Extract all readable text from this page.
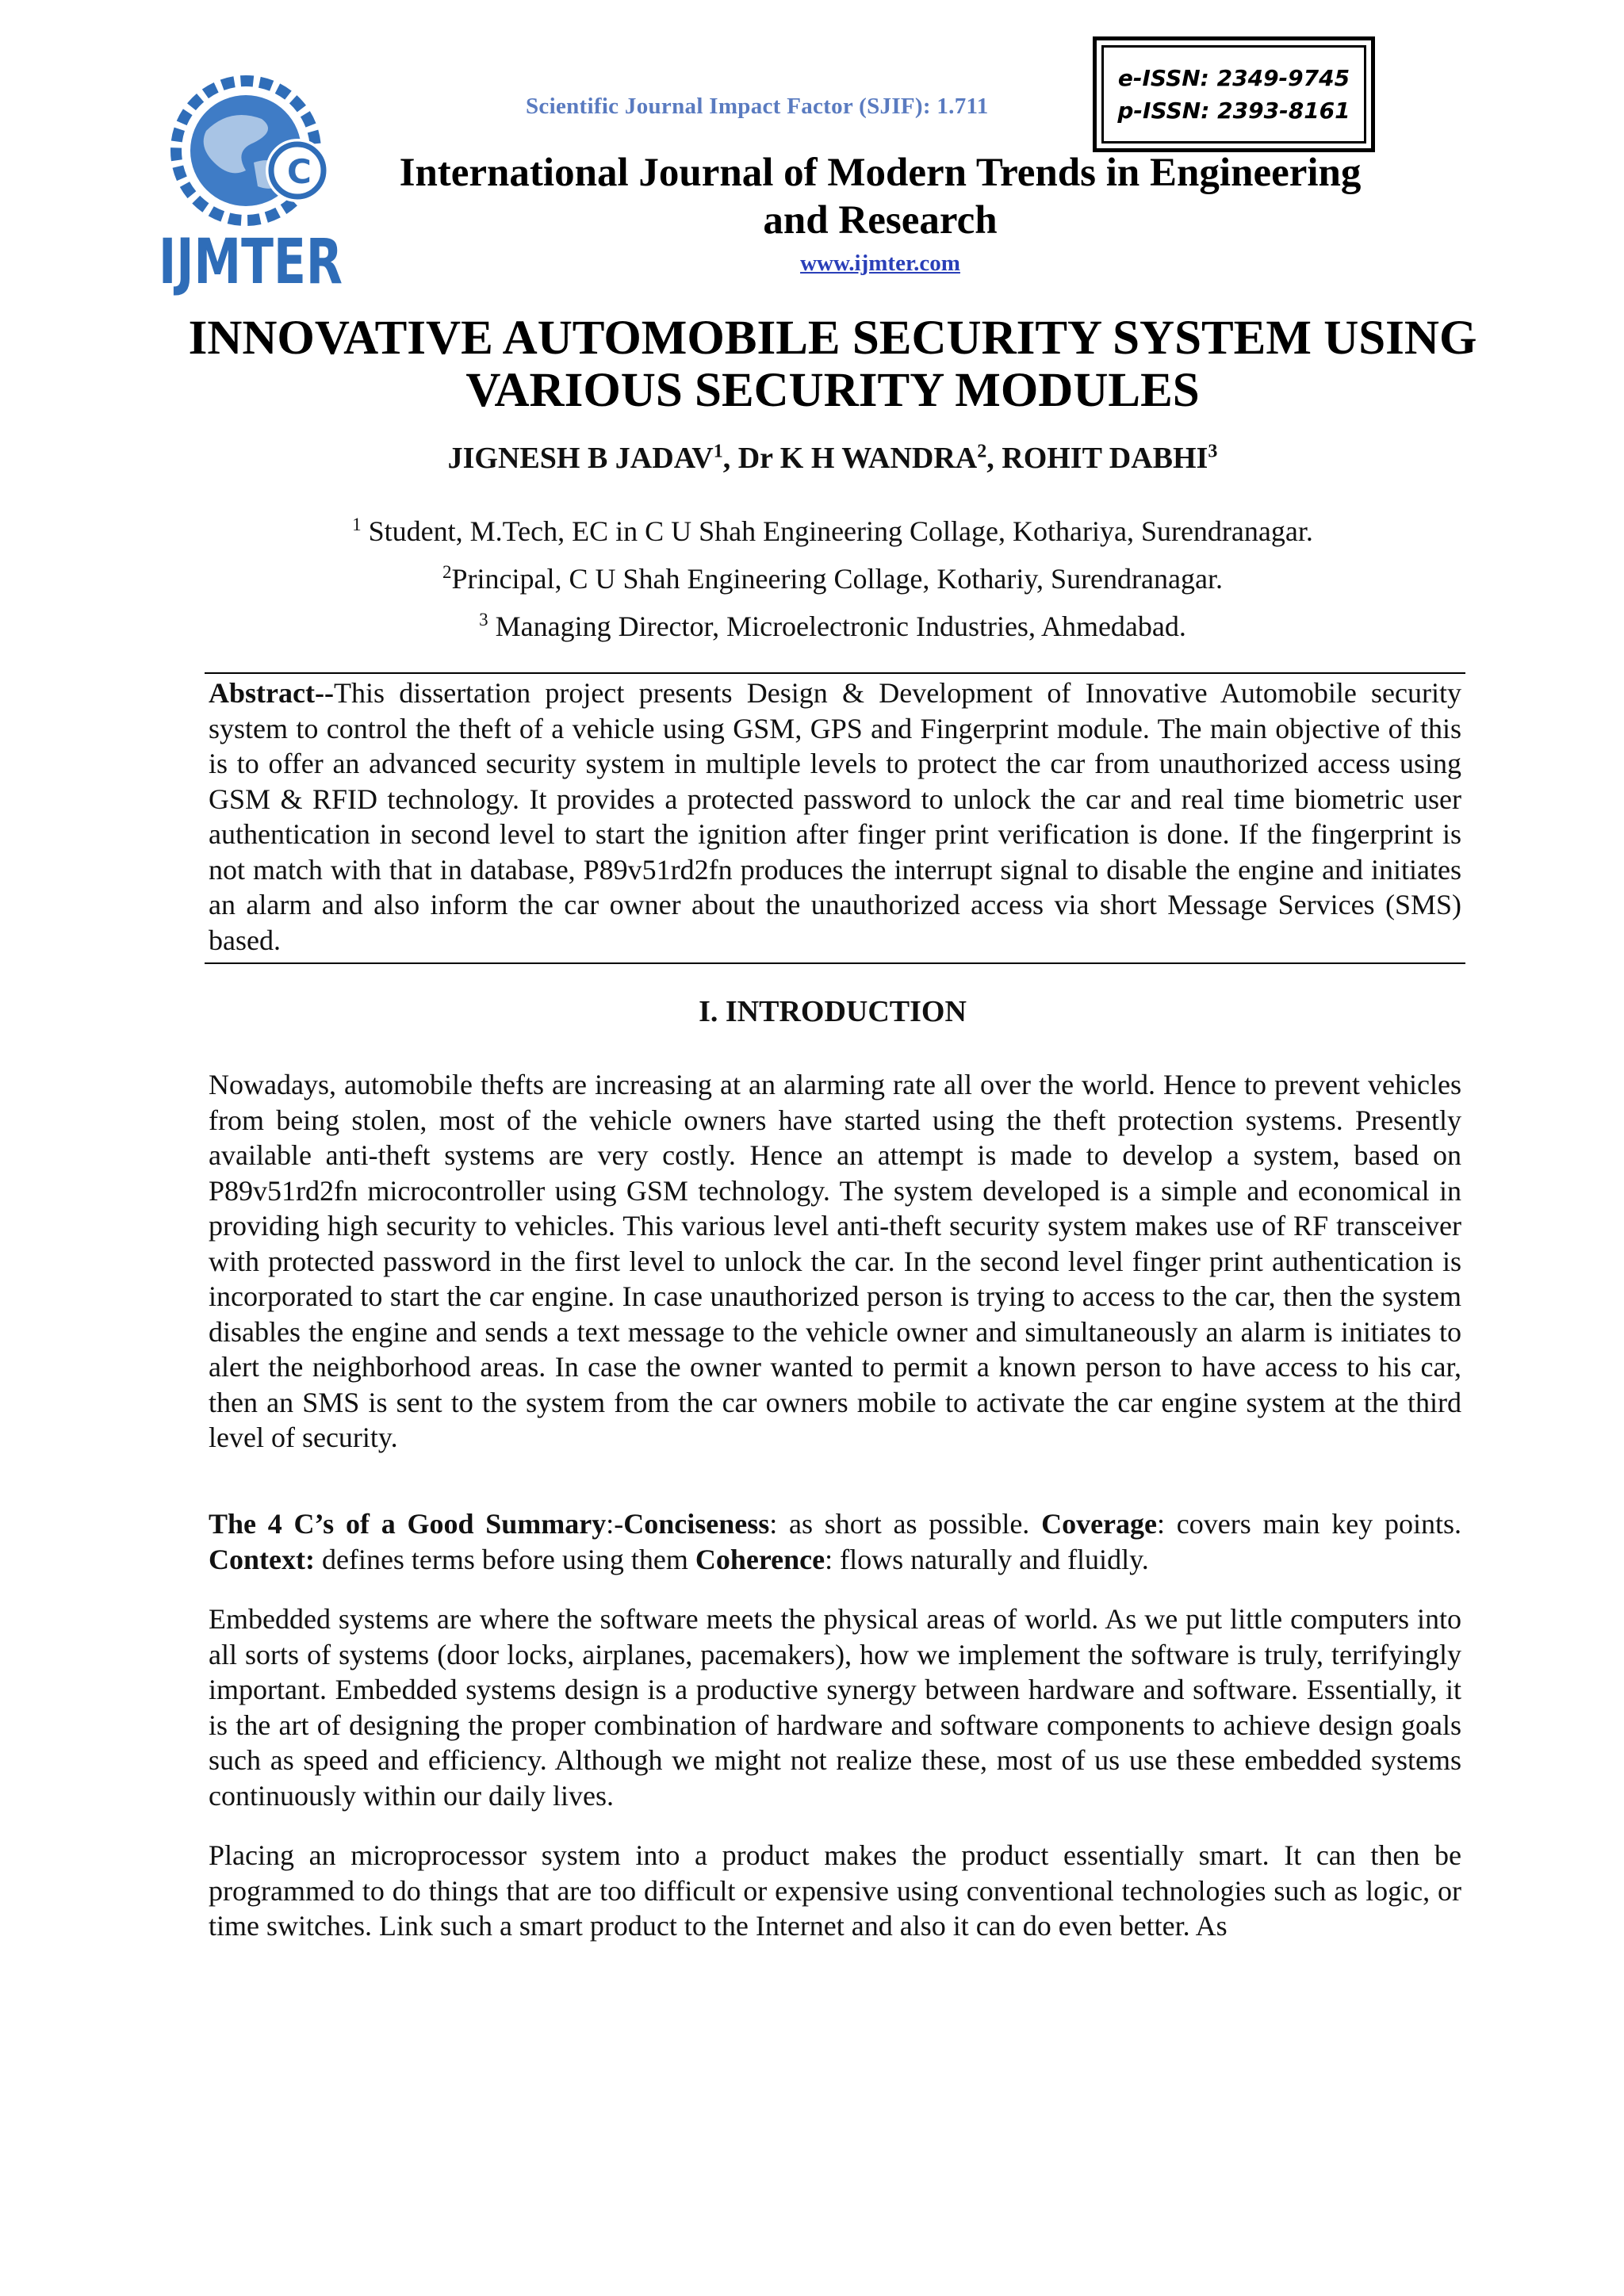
C
IJMTER
Scientific Journal Impact Factor (SJIF): 1.711
e-ISSN: 2349-9745
p-ISSN: 2393-8161
International Journal of Modern Trends in Engineering and Research
www.ijmter.com
INNOVATIVE AUTOMOBILE SECURITY SYSTEM USING VARIOUS SECURITY MODULES
JIGNESH B JADAV$^1$, Dr K H WANDRA$^2$, ROHIT DABHI$^3$
$^1$ Student, M.Tech, EC in C U Shah Engineering Collage, Kothariya, Surendranagar.
$^2$Principal, C U Shah Engineering Collage, Kothariy, Surendranagar.
$^3$ Managing Director, Microelectronic Industries, Ahmedabad.
Abstract--This dissertation project presents Design & Development of Innovative Automobile security system to control the theft of a vehicle using GSM, GPS and Fingerprint module. The main objective of this is to offer an advanced security system in multiple levels to protect the car from unauthorized access using GSM & RFID technology. It provides a protected password to unlock the car and real time biometric user authentication in second level to start the ignition after finger print verification is done. If the fingerprint is not match with that in database, P89v51rd2fn produces the interrupt signal to disable the engine and initiates an alarm and also inform the car owner about the unauthorized access via short Message Services (SMS) based.
I. INTRODUCTION
Nowadays, automobile thefts are increasing at an alarming rate all over the world. Hence to prevent vehicles from being stolen, most of the vehicle owners have started using the theft protection systems. Presently available anti-theft systems are very costly. Hence an attempt is made to develop a system, based on P89v51rd2fn microcontroller using GSM technology. The system developed is a simple and economical in providing high security to vehicles. This various level anti-theft security system makes use of RF transceiver with protected password in the first level to unlock the car. In the second level finger print authentication is incorporated to start the car engine. In case unauthorized person is trying to access to the car, then the system disables the engine and sends a text message to the vehicle owner and simultaneously an alarm is initiates to alert the neighborhood areas. In case the owner wanted to permit a known person to have access to his car, then an SMS is sent to the system from the car owners mobile to activate the car engine system at the third level of security.
The 4 C’s of a Good Summary:-Conciseness: as short as possible. Coverage: covers main key points. Context: defines terms before using them Coherence: flows naturally and fluidly.
Embedded systems are where the software meets the physical areas of world. As we put little computers into all sorts of systems (door locks, airplanes, pacemakers), how we implement the software is truly, terrifyingly important. Embedded systems design is a productive synergy between hardware and software. Essentially, it is the art of designing the proper combination of hardware and software components to achieve design goals such as speed and efficiency. Although we might not realize these, most of us use these embedded systems continuously within our daily lives.
Placing an microprocessor system into a product makes the product essentially smart. It can then be programmed to do things that are too difficult or expensive using conventional technologies such as logic, or time switches. Link such a smart product to the Internet and also it can do even better. As
